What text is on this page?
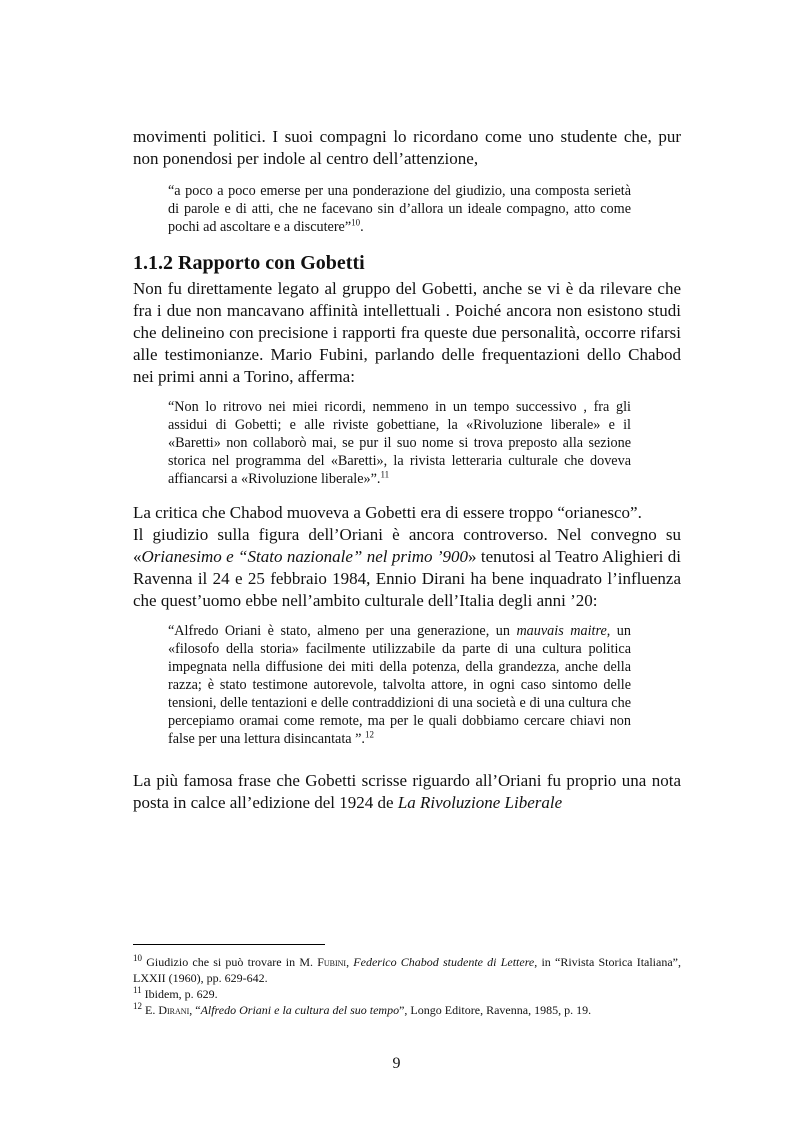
movimenti politici. I suoi compagni lo ricordano come uno studente che, pur non ponendosi per indole al centro dell’attenzione,

“a poco a poco emerse per una ponderazione del giudizio, una composta serietà di parole e di atti, che ne facevano sin d’allora un ideale compagno, atto come pochi ad ascoltare e a discutere”$^{10}$.

1.1.2 Rapporto con Gobetti

Non fu direttamente legato al gruppo del Gobetti, anche se vi è da rilevare che fra i due non mancavano affinità intellettuali . Poiché ancora non esistono studi che delineino con precisione i rapporti fra queste due personalità, occorre rifarsi alle testimonianze. Mario Fubini, parlando delle frequentazioni dello Chabod nei primi anni a Torino, afferma:

“Non lo ritrovo nei miei ricordi, nemmeno in un tempo successivo , fra gli assidui di Gobetti; e alle riviste gobettiane, la «Rivoluzione liberale» e il «Baretti» non collaborò mai, se pur il suo nome si trova preposto alla sezione storica nel programma del «Baretti», la rivista letteraria culturale che doveva affiancarsi a «Rivoluzione liberale»”.$^{11}$

La critica che Chabod muoveva a Gobetti era di essere troppo “orianesco”.

Il giudizio sulla figura dell’Oriani è ancora controverso. Nel convegno su «Orianesimo e “Stato nazionale” nel primo ’900» tenutosi al Teatro Alighieri di Ravenna il 24 e 25 febbraio 1984, Ennio Dirani ha bene inquadrato l’influenza che quest’uomo ebbe nell’ambito culturale dell’Italia degli anni ’20:

“Alfredo Oriani è stato, almeno per una generazione, un mauvais maitre, un «filosofo della storia» facilmente utilizzabile da parte di una cultura politica impegnata nella diffusione dei miti della potenza, della grandezza, anche della razza; è stato testimone autorevole, talvolta attore, in ogni caso sintomo delle tensioni, delle tentazioni e delle contraddizioni di una società e di una cultura che percepiamo oramai come remote, ma per le quali dobbiamo cercare chiavi non false per una lettura disincantata ”.$^{12}$

La più famosa frase che Gobetti scrisse riguardo all’Oriani fu proprio una nota posta in calce all’edizione del 1924 de La Rivoluzione Liberale

$^{10}$ Giudizio che si può trovare in M. Fubini, Federico Chabod studente di Lettere, in “Rivista Storica Italiana”, LXXII (1960), pp. 629-642.

$^{11}$ Ibidem, p. 629.

$^{12}$ E. Dirani, “Alfredo Oriani e la cultura del suo tempo”, Longo Editore, Ravenna, 1985, p. 19.

9
